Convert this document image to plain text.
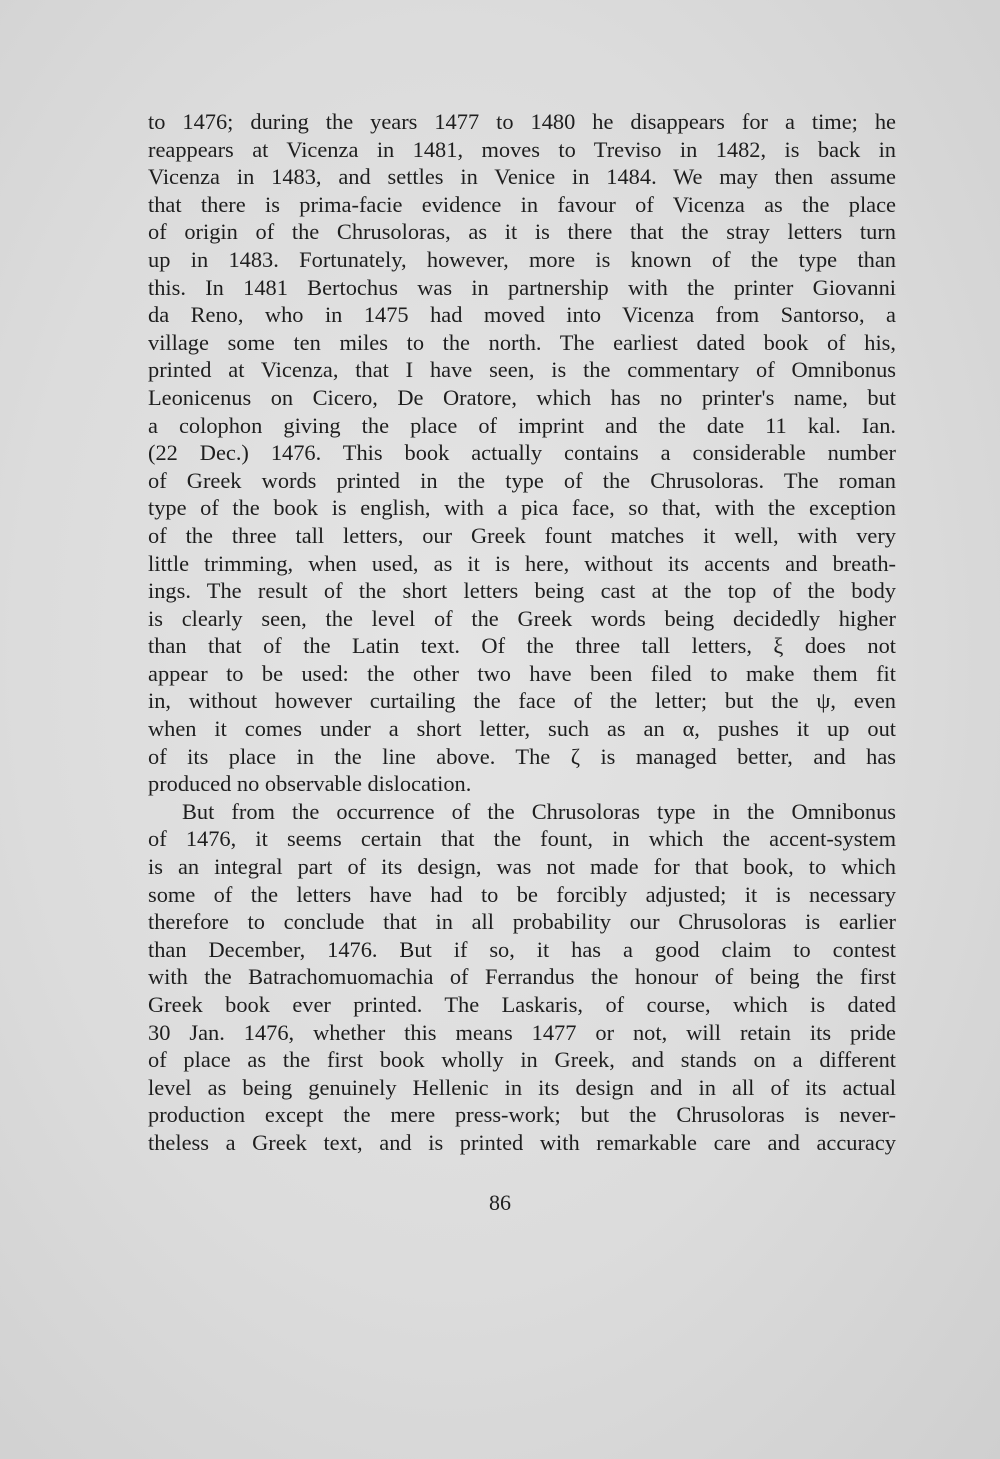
to 1476; during the years 1477 to 1480 he disappears for a time; he
reappears at Vicenza in 1481, moves to Treviso in 1482, is back in
Vicenza in 1483, and settles in Venice in 1484. We may then assume
that there is prima-facie evidence in favour of Vicenza as the place
of origin of the Chrusoloras, as it is there that the stray letters turn
up in 1483. Fortunately, however, more is known of the type than
this. In 1481 Bertochus was in partnership with the printer Giovanni
da Reno, who in 1475 had moved into Vicenza from Santorso, a
village some ten miles to the north. The earliest dated book of his,
printed at Vicenza, that I have seen, is the commentary of Omnibonus
Leonicenus on Cicero, De Oratore, which has no printer's name, but
a colophon giving the place of imprint and the date 11 kal. Ian.
(22 Dec.) 1476. This book actually contains a considerable number
of Greek words printed in the type of the Chrusoloras. The roman
type of the book is english, with a pica face, so that, with the exception
of the three tall letters, our Greek fount matches it well, with very
little trimming, when used, as it is here, without its accents and breath-
ings. The result of the short letters being cast at the top of the body
is clearly seen, the level of the Greek words being decidedly higher
than that of the Latin text. Of the three tall letters, ξ does not
appear to be used: the other two have been filed to make them fit
in, without however curtailing the face of the letter; but the ψ, even
when it comes under a short letter, such as an α, pushes it up out
of its place in the line above. The ζ is managed better, and has
produced no observable dislocation.

But from the occurrence of the Chrusoloras type in the Omnibonus
of 1476, it seems certain that the fount, in which the accent-system
is an integral part of its design, was not made for that book, to which
some of the letters have had to be forcibly adjusted; it is necessary
therefore to conclude that in all probability our Chrusoloras is earlier
than December, 1476. But if so, it has a good claim to contest
with the Batrachomuomachia of Ferrandus the honour of being the first
Greek book ever printed. The Laskaris, of course, which is dated
30 Jan. 1476, whether this means 1477 or not, will retain its pride
of place as the first book wholly in Greek, and stands on a different
level as being genuinely Hellenic in its design and in all of its actual
production except the mere press-work; but the Chrusoloras is never-
theless a Greek text, and is printed with remarkable care and accuracy

86
